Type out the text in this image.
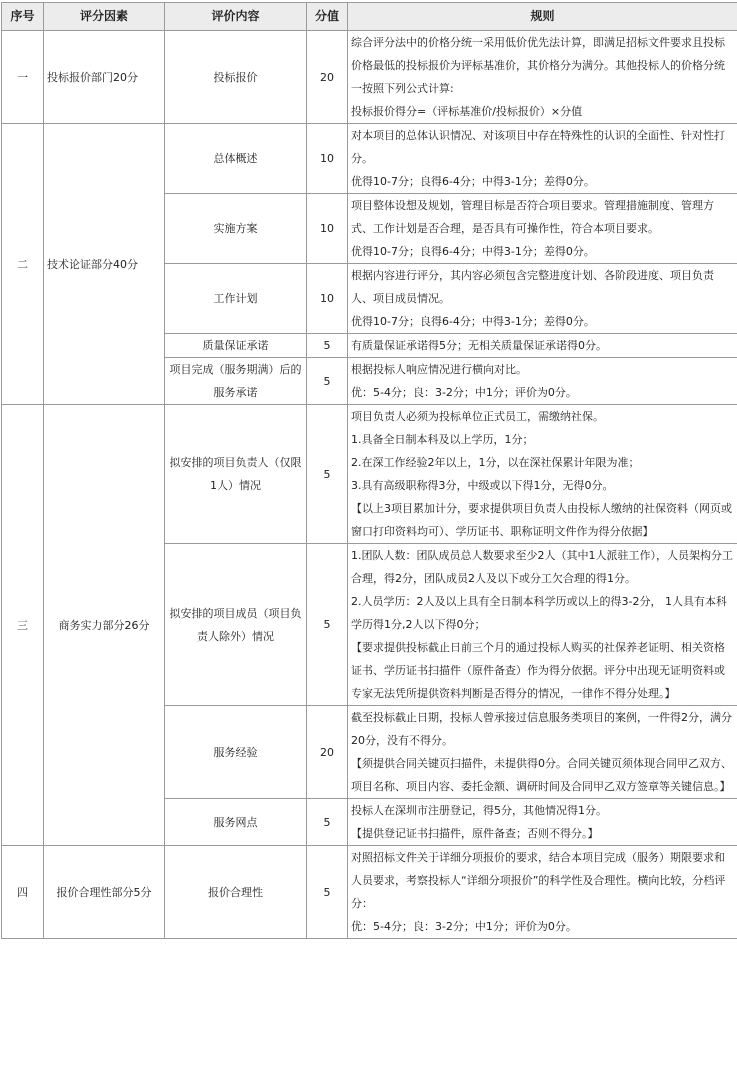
序号	评分因素	评价内容	分值	规则
一	投标报价部门20分	投标报价	20	综合评分法中的价格分统一采用低价优先法计算，即满足招标文件要求且投标价格最低的投标报价为评标基准价，其价格分为满分。其他投标人的价格分统一按照下列公式计算:

投标报价得分=（评标基准价/投标报价）×分值

二	技术论证部分40分	总体概述	10	对本项目的总体认识情况、对该项目中存在特殊性的认识的全面性、针对性打分。

优得10-7分；良得6-4分；中得3-1分；差得0分。

		实施方案	10	项目整体设想及规划，管理目标是否符合项目要求。管理措施制度、管理方式、工作计划是否合理，是否具有可操作性，符合本项目要求。

优得10-7分；良得6-4分；中得3-1分；差得0分。

		工作计划	10	根据内容进行评分，其内容必须包含完整进度计划、各阶段进度、项目负责人、项目成员情况。

优得10-7分；良得6-4分；中得3-1分；差得0分。

		质量保证承诺	5	有质量保证承诺得5分；无相关质量保证承诺得0分。

		项目完成（服务期满）后的服务承诺	5	根据投标人响应情况进行横向对比。

优：5-4分；良：3-2分；中1分；评价为0分。

三	商务实力部分26分	拟安排的项目负责人（仅限1人）情况	5	项目负责人必须为投标单位正式员工，需缴纳社保。

1.具备全日制本科及以上学历，1分；

2.在深工作经验2年以上，1分，以在深社保累计年限为准；

3.具有高级职称得3分，中级或以下得1分，无得0分。

【以上3项目累加计分，要求提供项目负责人由投标人缴纳的社保资料（网页或窗口打印资料均可）、学历证书、职称证明文件作为得分依据】

		拟安排的项目成员（项目负责人除外）情况	5	1.团队人数：团队成员总人数要求至少2人（其中1人派驻工作），人员架构分工合理，得2分，团队成员2人及以下或分工欠合理的得1分。

2.人员学历：2人及以上具有全日制本科学历或以上的得3-2分， 1人具有本科学历得1分,2人以下得0分；

【要求提供投标截止日前三个月的通过投标人购买的社保养老证明、相关资格证书、学历证书扫描件（原件备查）作为得分依据。评分中出现无证明资料或专家无法凭所提供资料判断是否得分的情况，一律作不得分处理。】

		服务经验	20	截至投标截止日期，投标人曾承接过信息服务类项目的案例，一件得2分，满分20分，没有不得分。

【须提供合同关键页扫描件，未提供得0分。合同关键页须体现合同甲乙双方、项目名称、项目内容、委托金额、调研时间及合同甲乙双方签章等关键信息。】

		服务网点	5	投标人在深圳市注册登记，得5分，其他情况得1分。

【提供登记证书扫描件，原件备查；否则不得分。】

四	报价合理性部分5分	报价合理性	5	对照招标文件关于详细分项报价的要求，结合本项目完成（服务）期限要求和人员要求，考察投标人“详细分项报价”的科学性及合理性。横向比较，分档评分：

优：5-4分；良：3-2分；中1分；评价为0分。
